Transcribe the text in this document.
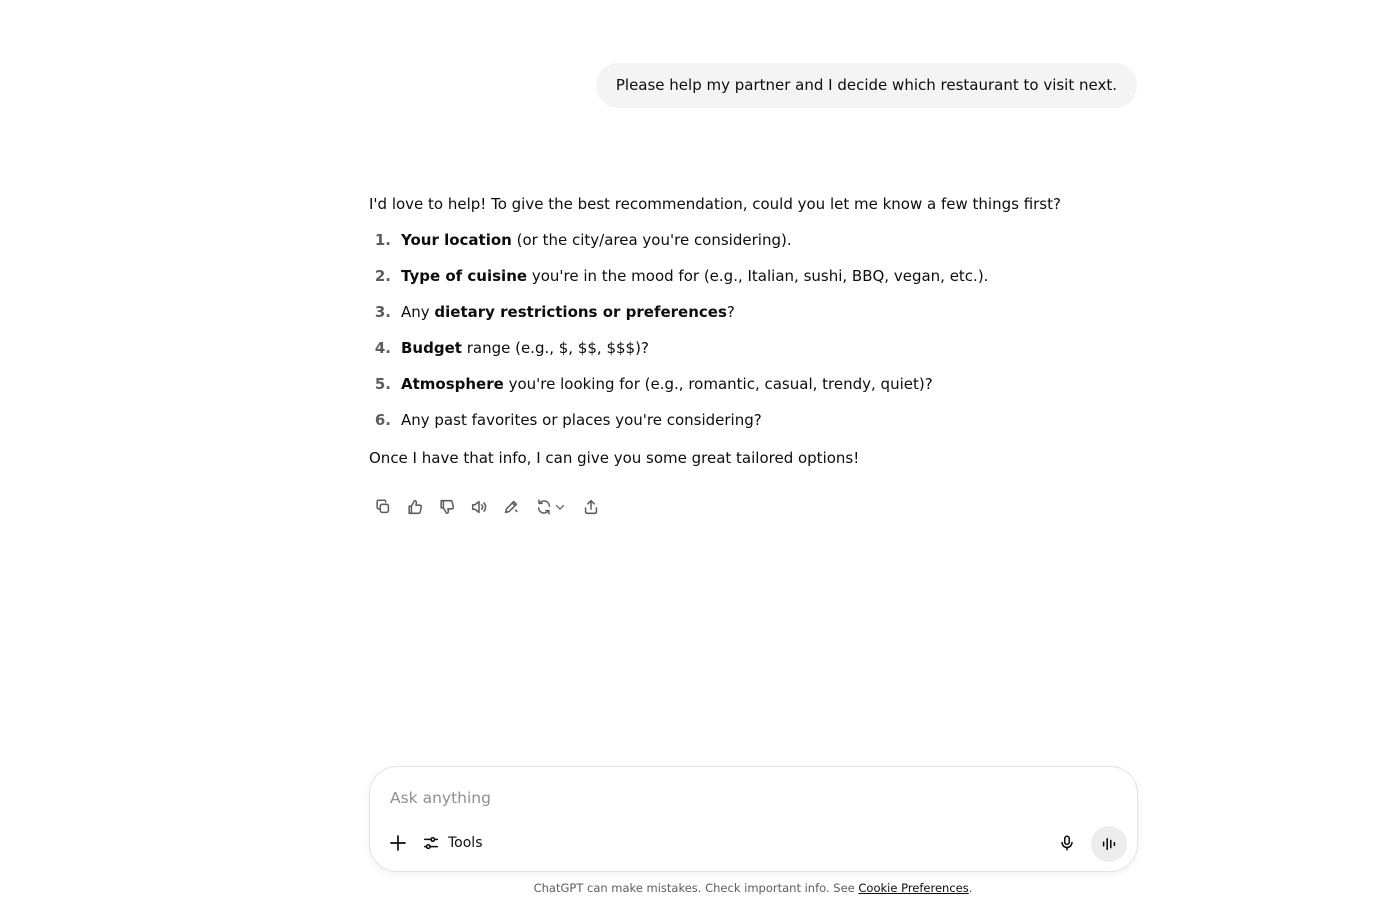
Please help my partner and I decide which restaurant to visit next.

I'd love to help! To give the best recommendation, could you let me know a few things first?

1. Your location (or the city/area you're considering).
2. Type of cuisine you're in the mood for (e.g., Italian, sushi, BBQ, vegan, etc.).
3. Any dietary restrictions or preferences?
4. Budget range (e.g., $, $$, $$$)?
5. Atmosphere you're looking for (e.g., romantic, casual, trendy, quiet)?
6. Any past favorites or places you're considering?

Once I have that info, I can give you some great tailored options!

Ask anything
Tools
ChatGPT can make mistakes. Check important info. See Cookie Preferences.
